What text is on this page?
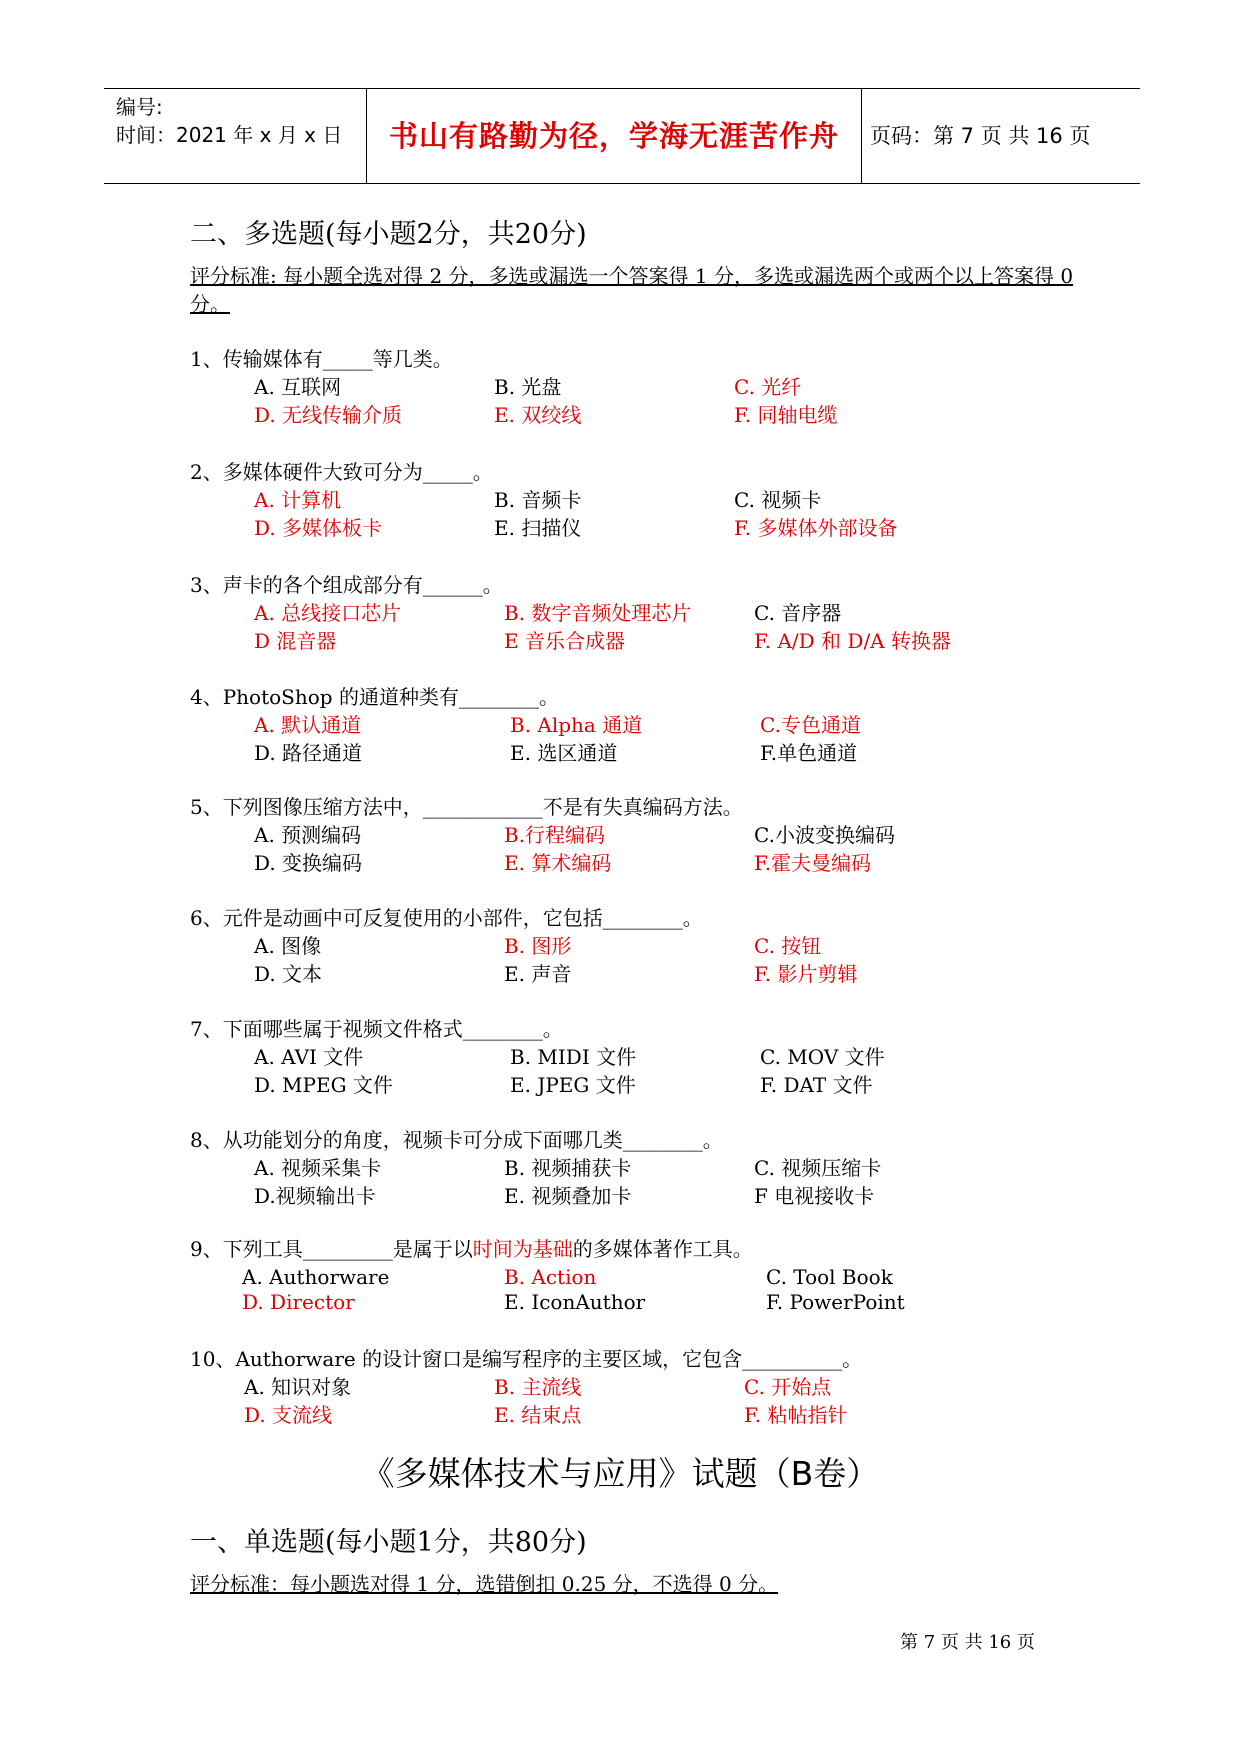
编号:
时间：2021 年 x 月 x 日	书山有路勤为径，学海无涯苦作舟	页码：第 7 页 共 16 页
二、多选题(每小题2分，共20分)
评分标准: 每小题全选对得 2 分，多选或漏选一个答案得 1 分，多选或漏选两个或两个以上答案得 0 分。
1、传输媒体有_____等几类。
A. 互联网	B. 光盘	C. 光纤
D. 无线传输介质	E. 双绞线	F. 同轴电缆
2、多媒体硬件大致可分为_____。
A. 计算机	B. 音频卡	C. 视频卡
D. 多媒体板卡	E. 扫描仪	F. 多媒体外部设备
3、声卡的各个组成部分有______。
A. 总线接口芯片	B. 数字音频处理芯片	C. 音序器
D 混音器	E 音乐合成器	F. A/D 和 D/A 转换器
4、PhotoShop 的通道种类有________。
A. 默认通道	B. Alpha 通道	C.专色通道
D. 路径通道	E. 选区通道	F.单色通道
5、下列图像压缩方法中，____________不是有失真编码方法。
A. 预测编码	B.行程编码	C.小波变换编码
D. 变换编码	E. 算术编码	F.霍夫曼编码
6、元件是动画中可反复使用的小部件，它包括________。
A. 图像	B. 图形	C. 按钮
D. 文本	E. 声音	F. 影片剪辑
7、下面哪些属于视频文件格式________。
A. AVI 文件	B. MIDI 文件	C. MOV 文件
D. MPEG 文件	E. JPEG 文件	F. DAT 文件
8、从功能划分的角度，视频卡可分成下面哪几类________。
A. 视频采集卡	B. 视频捕获卡	C. 视频压缩卡
D.视频输出卡	E. 视频叠加卡	F 电视接收卡
9、下列工具_________是属于以时间为基础的多媒体著作工具。
A. Authorware	B. Action	C. Tool Book
D. Director	E. IconAuthor	F. PowerPoint
10、Authorware 的设计窗口是编写程序的主要区域，它包含__________。
A. 知识对象	B. 主流线	C. 开始点
D. 支流线	E. 结束点	F. 粘帖指针
《多媒体技术与应用》试题（B卷）
一、单选题(每小题1分，共80分)
评分标准：每小题选对得 1 分，选错倒扣 0.25 分，不选得 0 分。
第 7 页 共 16 页
